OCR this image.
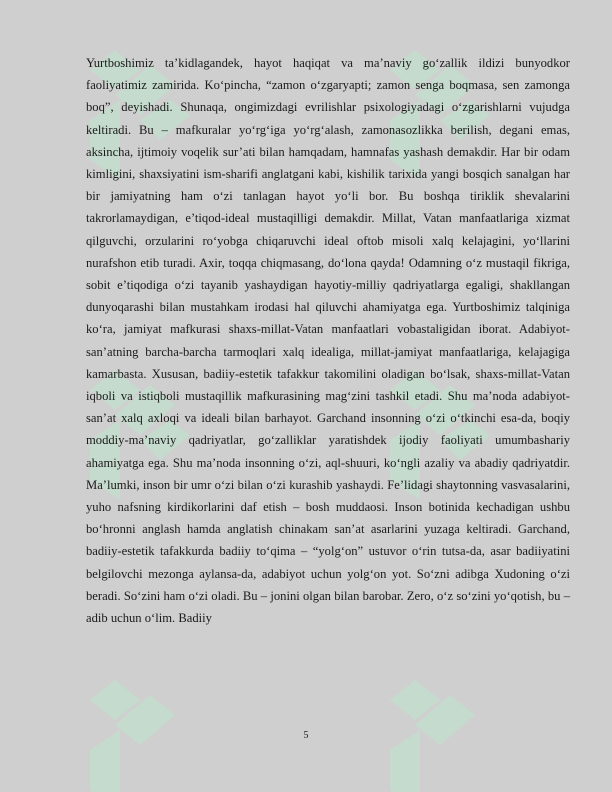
Yurtboshimiz ta’kidlagandek, hayot haqiqat va ma’naviy go‘zallik ildizi bunyodkor faoliyatimiz zamirida. Ko‘pincha, “zamon o‘zgaryapti; zamon senga boqmasa, sen zamonga boq”, deyishadi. Shunaqa, ongimizdagi evrilishlar psixologiyadagi o‘zgarishlarni vujudga keltiradi. Bu – mafkuralar yo‘rg‘iga yo‘rg‘alash, zamonasozlikka berilish, degani emas, aksincha, ijtimoiy voqelik sur’ati bilan hamqadam, hamnafas yashash demakdir. Har bir odam kimligini, shaxsiyatini ism-sharifi anglatgani kabi, kishilik tarixida yangi bosqich sanalgan har bir jamiyatning ham o‘zi tanlagan hayot yo‘li bor. Bu boshqa tiriklik shevalarini takrorlamaydigan, e’tiqod-ideal mustaqilligi demakdir. Millat, Vatan manfaatlariga xizmat qilguvchi, orzularini ro‘yobga chiqaruvchi ideal oftob misoli xalq kelajagini, yo‘llarini nurafshon etib turadi. Axir, toqqa chiqmasang, do‘lona qayda! Odamning o‘z mustaqil fikriga, sobit e’tiqodiga o‘zi tayanib yashaydigan hayotiy-milliy qadriyatlarga egaligi, shakllangan dunyoqarashi bilan mustahkam irodasi hal qiluvchi ahamiyatga ega. Yurtboshimiz talqiniga ko‘ra, jamiyat mafkurasi shaxs-millat-Vatan manfaatlari vobastaligidan iborat. Adabiyot-san’atning barcha-barcha tarmoqlari xalq idealiga, millat-jamiyat manfaatlariga, kelajagiga kamarbasta. Xususan, badiiy-estetik tafakkur takomilini oladigan bo‘lsak, shaxs-millat-Vatan iqboli va istiqboli mustaqillik mafkurasining mag‘zini tashkil etadi. Shu ma’noda adabiyot-san’at xalq axloqi va ideali bilan barhayot. Garchand insonning o‘zi o‘tkinchi esa-da, boqiy moddiy-ma’naviy qadriyatlar, go‘zalliklar yaratishdek ijodiy faoliyati umumbashariy ahamiyatga ega. Shu ma’noda insonning o‘zi, aql-shuuri, ko‘ngli azaliy va abadiy qadriyatdir. Ma’lumki, inson bir umr o‘zi bilan o‘zi kurashib yashaydi. Fe’lidagi shaytonning vasvasalarini, yuho nafsning kirdikorlarini daf etish – bosh muddaosi. Inson botinida kechadigan ushbu bo‘hronni anglash hamda anglatish chinakam san’at asarlarini yuzaga keltiradi. Garchand, badiiy-estetik tafakkurda badiiy to‘qima – “yolg‘on” ustuvor o‘rin tutsa-da, asar badiiyatini belgilovchi mezonga aylansa-da, adabiyot uchun yolg‘on yot. So‘zni adibga Xudoning o‘zi beradi. So‘zini ham o‘zi oladi. Bu – jonini olgan bilan barobar. Zero, o‘z so‘zini yo‘qotish, bu – adib uchun o‘lim. Badiiy

5
